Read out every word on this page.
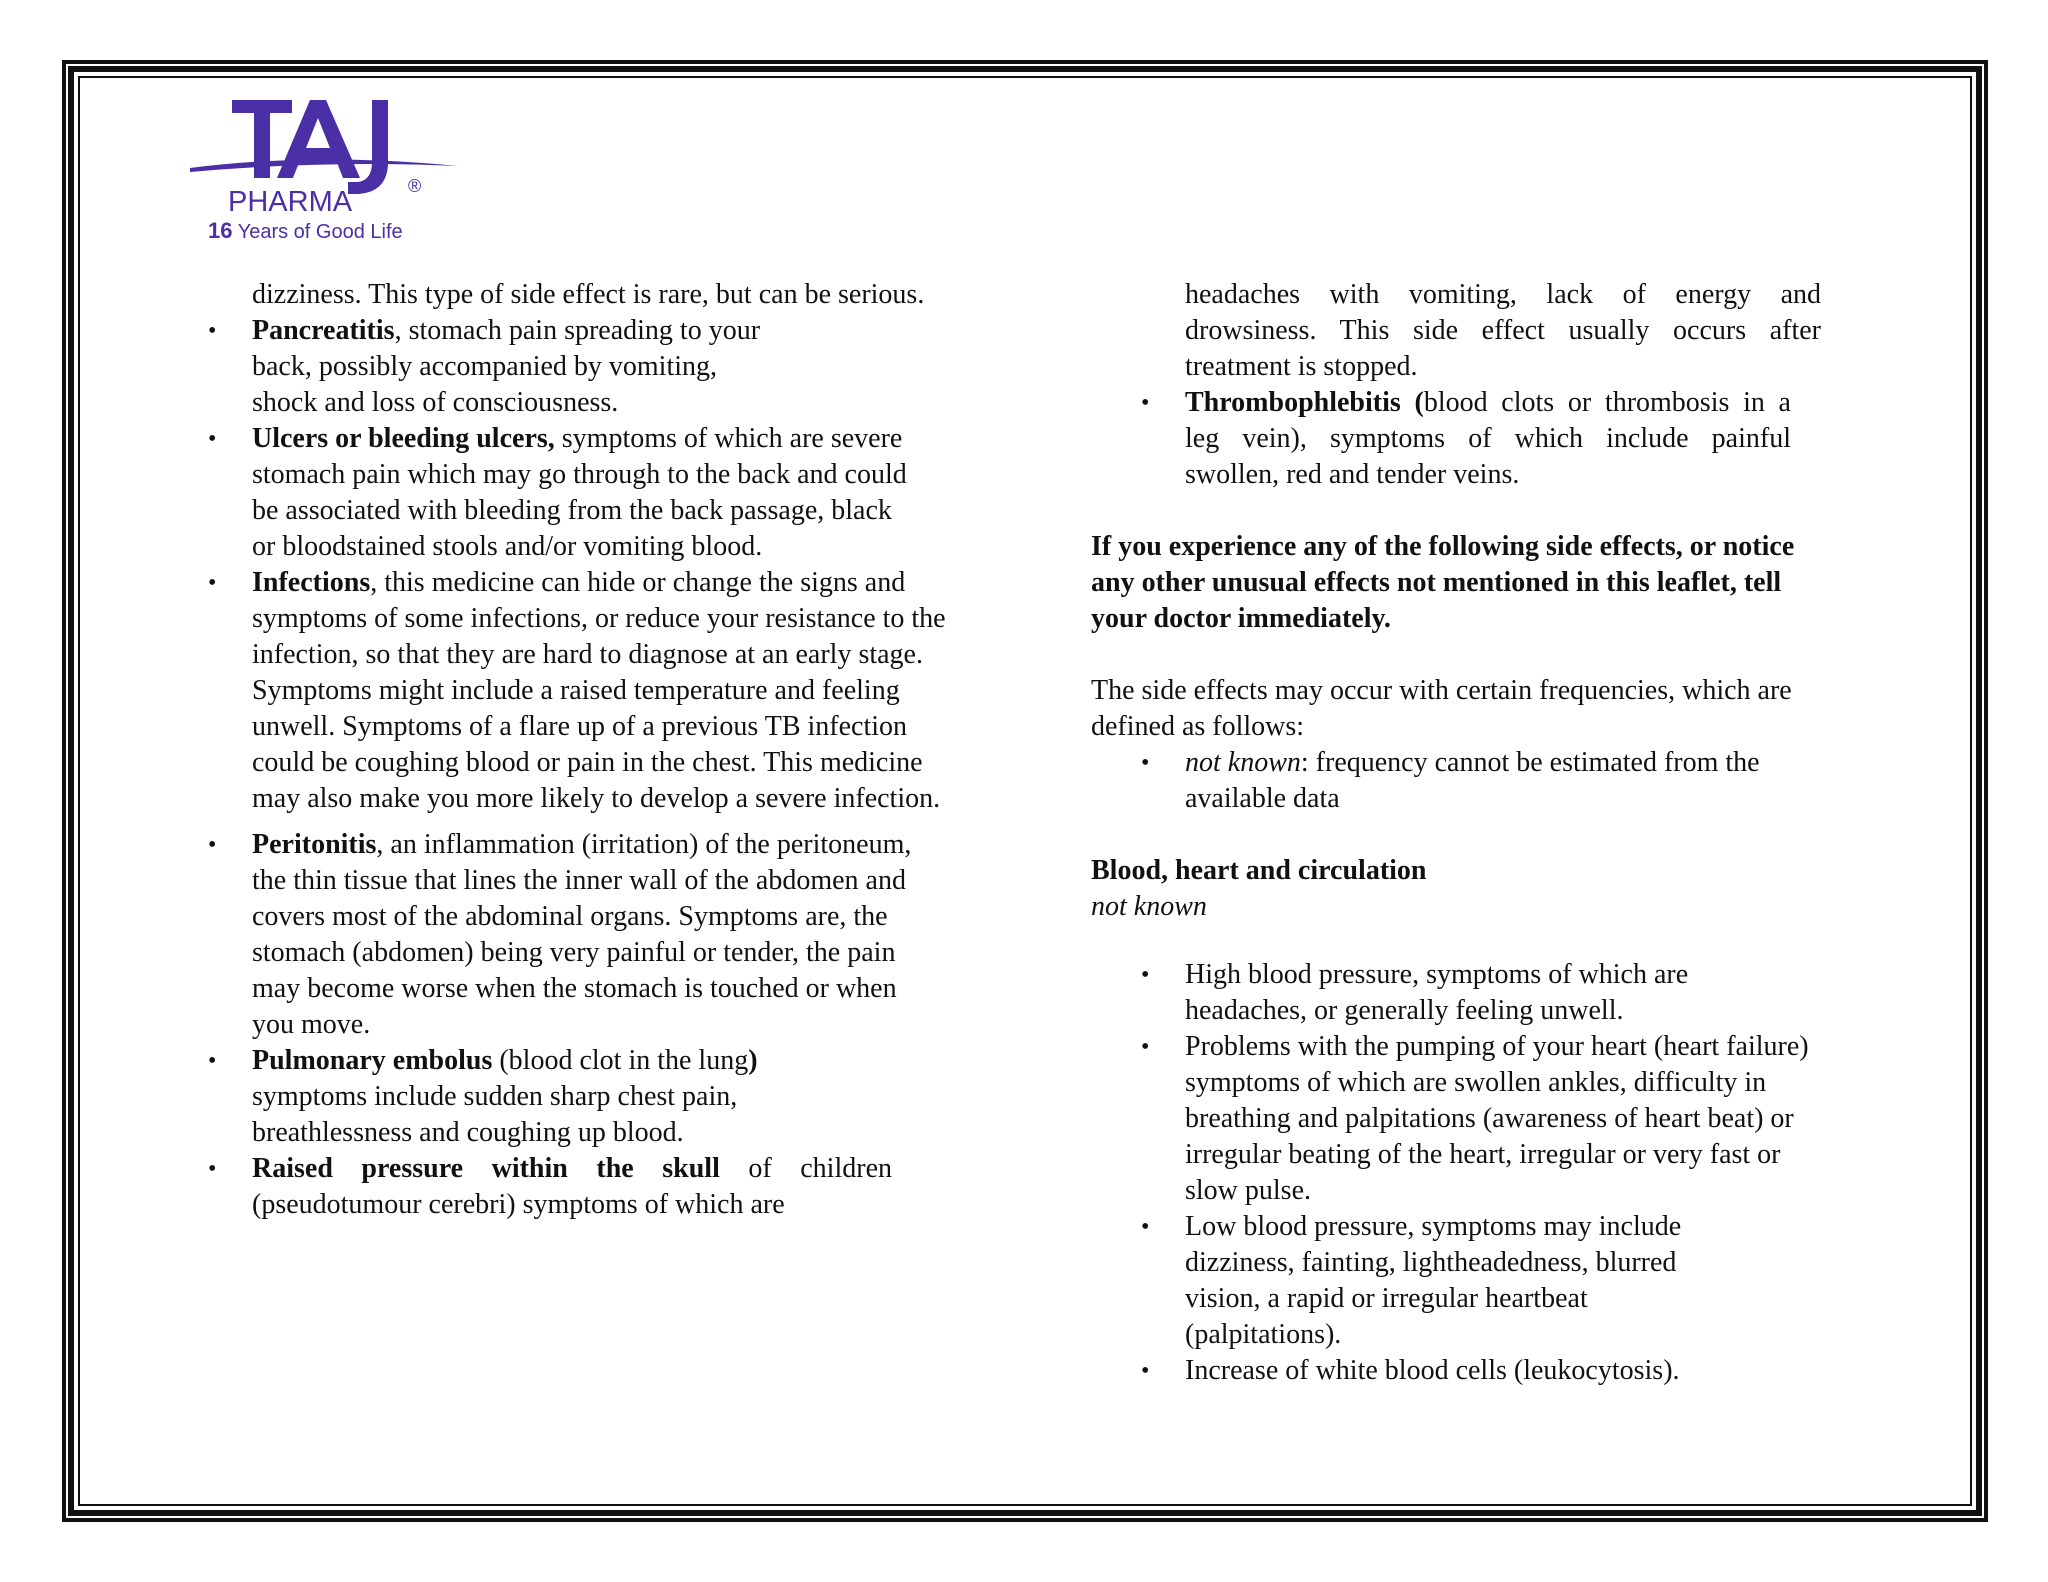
PHARMA	®
16 Years of Good Life

dizziness. This type of side effect is rare, but can be serious.

• Pancreatitis, stomach pain spreading to your back, possibly accompanied by vomiting, shock and loss of consciousness.
• Ulcers or bleeding ulcers, symptoms of which are severe stomach pain which may go through to the back and could be associated with bleeding from the back passage, black or bloodstained stools and/or vomiting blood.
• Infections, this medicine can hide or change the signs and symptoms of some infections, or reduce your resistance to the infection, so that they are hard to diagnose at an early stage. Symptoms might include a raised temperature and feeling unwell. Symptoms of a flare up of a previous TB infection could be coughing blood or pain in the chest. This medicine may also make you more likely to develop a severe infection.
• Peritonitis, an inflammation (irritation) of the peritoneum, the thin tissue that lines the inner wall of the abdomen and covers most of the abdominal organs. Symptoms are, the stomach (abdomen) being very painful or tender, the pain may become worse when the stomach is touched or when you move.
• Pulmonary embolus (blood clot in the lung) symptoms include sudden sharp chest pain, breathlessness and coughing up blood.
• Raised pressure within the skull of children (pseudotumour cerebri) symptoms of which are

headaches with vomiting, lack of energy and drowsiness. This side effect usually occurs after treatment is stopped.

• Thrombophlebitis (blood clots or thrombosis in a leg vein), symptoms of which include painful swollen, red and tender veins.

If you experience any of the following side effects, or notice any other unusual effects not mentioned in this leaflet, tell your doctor immediately.

The side effects may occur with certain frequencies, which are defined as follows:

• not known: frequency cannot be estimated from the available data

Blood, heart and circulation

not known

• High blood pressure, symptoms of which are headaches, or generally feeling unwell.
• Problems with the pumping of your heart (heart failure) symptoms of which are swollen ankles, difficulty in breathing and palpitations (awareness of heart beat) or irregular beating of the heart, irregular or very fast or slow pulse.
• Low blood pressure, symptoms may include dizziness, fainting, lightheadedness, blurred vision, a rapid or irregular heartbeat (palpitations).
• Increase of white blood cells (leukocytosis).
